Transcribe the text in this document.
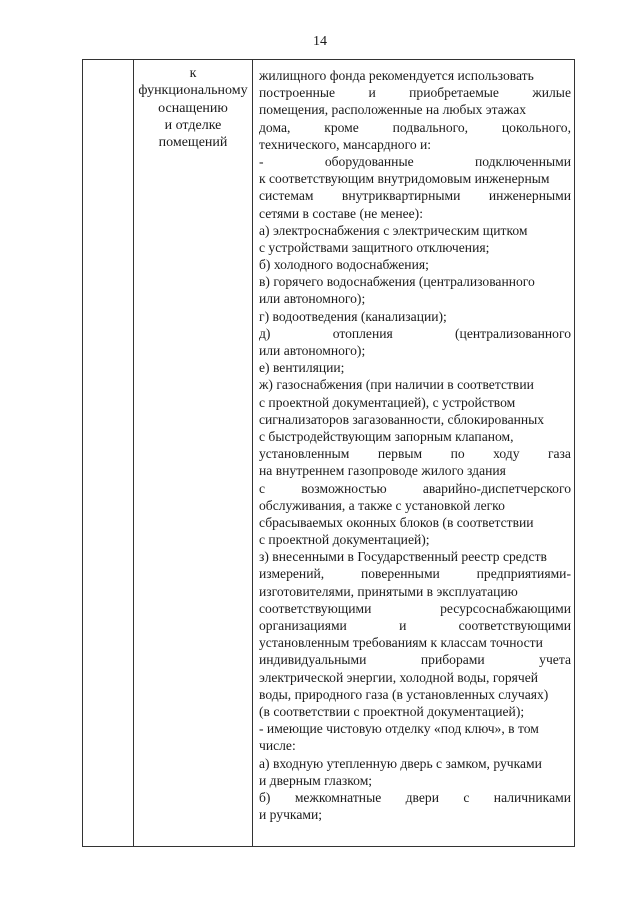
14
к
функциональному
оснащению
и отделке
помещений
жилищного фонда рекомендуется использовать
построенные и приобретаемые жилые
помещения, расположенные на любых этажах
дома, кроме подвального, цокольного,
технического, мансардного и:
-	оборудованные	подключенными
к соответствующим внутридомовым инженерным
системам внутриквартирными инженерными
сетями в составе (не менее):
а) электроснабжения с электрическим щитком
с устройствами защитного отключения;
б) холодного водоснабжения;
в) горячего водоснабжения (централизованного
или автономного);
г) водоотведения (канализации);
д)	отопления	(централизованного
или автономного);
е) вентиляции;
ж) газоснабжения (при наличии в соответствии
с проектной документацией), с устройством
сигнализаторов загазованности, сблокированных
с быстродействующим запорным клапаном,
установленным первым по ходу газа
на внутреннем газопроводе жилого здания
с	возможностью	аварийно-диспетчерского
обслуживания, а также с установкой легко
сбрасываемых оконных блоков (в соответствии
с проектной документацией);
з) внесенными в Государственный реестр средств
измерений,	поверенными	предприятиями-
изготовителями, принятыми в эксплуатацию
соответствующими	ресурсоснабжающими
организациями	и	соответствующими
установленным требованиям к классам точности
индивидуальными	приборами	учета
электрической энергии, холодной воды, горячей
воды, природного газа (в установленных случаях)
(в соответствии с проектной документацией);
- имеющие чистовую отделку «под ключ», в том
числе:
а) входную утепленную дверь с замком, ручками
и дверным глазком;
б) межкомнатные двери с наличниками
и ручками;
